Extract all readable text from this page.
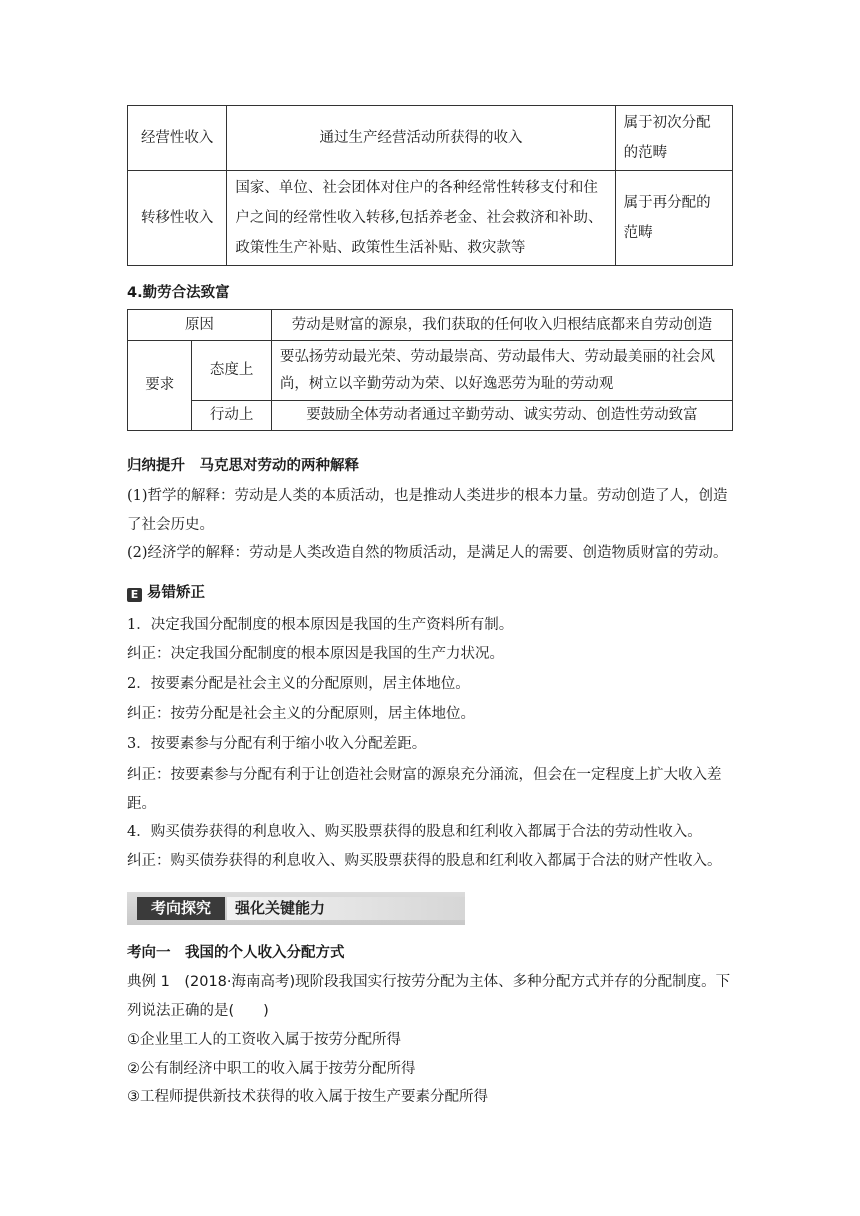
经营性收入	通过生产经营活动所获得的收入	属于初次分配的范畴
转移性收入	国家、单位、社会团体对住户的各种经常性转移支付和住户之间的经常性收入转移,包括养老金、社会救济和补助、政策性生产补贴、政策性生活补贴、救灾款等	属于再分配的范畴
4.勤劳合法致富
原因		劳动是财富的源泉，我们获取的任何收入归根结底都来自劳动创造
要求	态度上	要弘扬劳动最光荣、劳动最崇高、劳动最伟大、劳动最美丽的社会风尚，树立以辛勤劳动为荣、以好逸恶劳为耻的劳动观
	行动上	要鼓励全体劳动者通过辛勤劳动、诚实劳动、创造性劳动致富
归纳提升　马克思对劳动的两种解释
(1)哲学的解释：劳动是人类的本质活动，也是推动人类进步的根本力量。劳动创造了人，创造了社会历史。
(2)经济学的解释：劳动是人类改造自然的物质活动，是满足人的需要、创造物质财富的劳动。
E 易错矫正
1．决定我国分配制度的根本原因是我国的生产资料所有制。
纠正：决定我国分配制度的根本原因是我国的生产力状况。
2．按要素分配是社会主义的分配原则，居主体地位。
纠正：按劳分配是社会主义的分配原则，居主体地位。
3．按要素参与分配有利于缩小收入分配差距。
纠正：按要素参与分配有利于让创造社会财富的源泉充分涌流，但会在一定程度上扩大收入差距。
4．购买债券获得的利息收入、购买股票获得的股息和红利收入都属于合法的劳动性收入。
纠正：购买债券获得的利息收入、购买股票获得的股息和红利收入都属于合法的财产性收入。
考向探究	强化关键能力
考向一　我国的个人收入分配方式
典例 1　(2018·海南高考)现阶段我国实行按劳分配为主体、多种分配方式并存的分配制度。下列说法正确的是(　　)
①企业里工人的工资收入属于按劳分配所得
②公有制经济中职工的收入属于按劳分配所得
③工程师提供新技术获得的收入属于按生产要素分配所得
